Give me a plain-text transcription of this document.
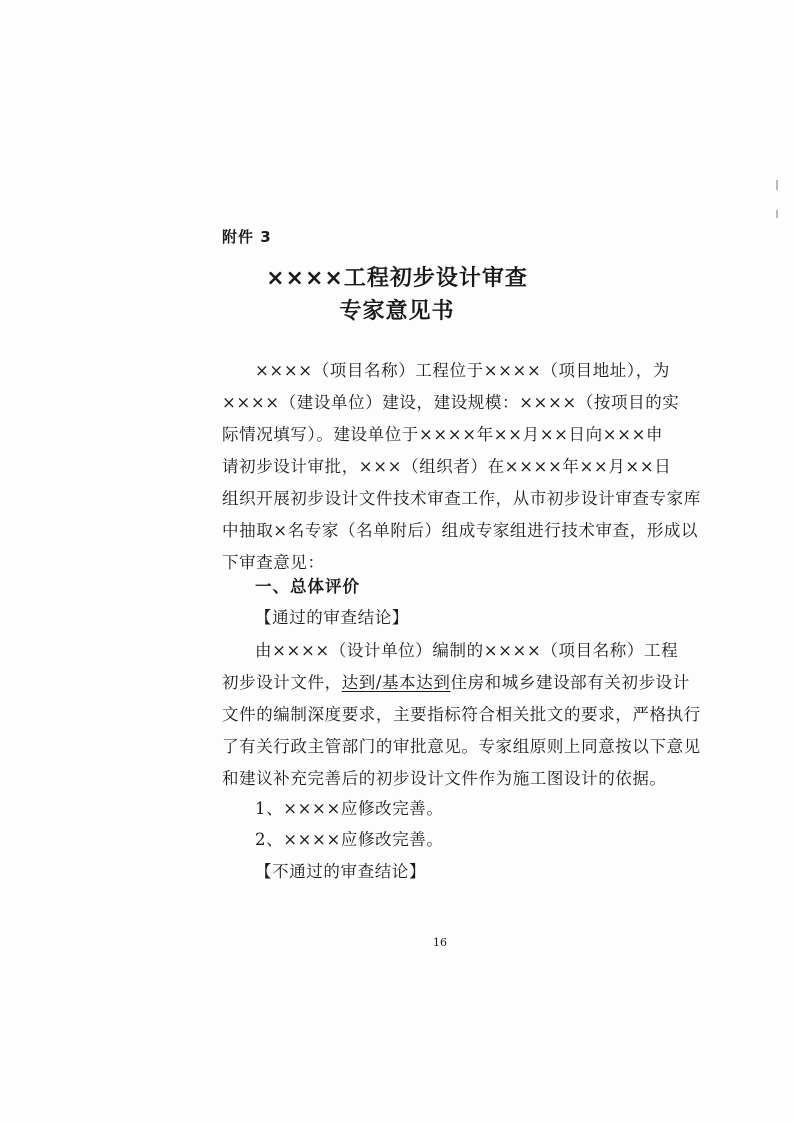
附件 3
××××工程初步设计审查
专家意见书
××××（项目名称）工程位于××××（项目地址），为
××××（建设单位）建设，建设规模：××××（按项目的实
际情况填写）。建设单位于××××年××月××日向×××申
请初步设计审批，×××（组织者）在××××年××月××日
组织开展初步设计文件技术审查工作，从市初步设计审查专家库
中抽取×名专家（名单附后）组成专家组进行技术审查，形成以
下审查意见：
一、总体评价
【通过的审查结论】
由××××（设计单位）编制的××××（项目名称）工程
初步设计文件，达到/基本达到住房和城乡建设部有关初步设计
文件的编制深度要求，主要指标符合相关批文的要求，严格执行
了有关行政主管部门的审批意见。专家组原则上同意按以下意见
和建议补充完善后的初步设计文件作为施工图设计的依据。
1、××××应修改完善。
2、××××应修改完善。
【不通过的审查结论】
16
